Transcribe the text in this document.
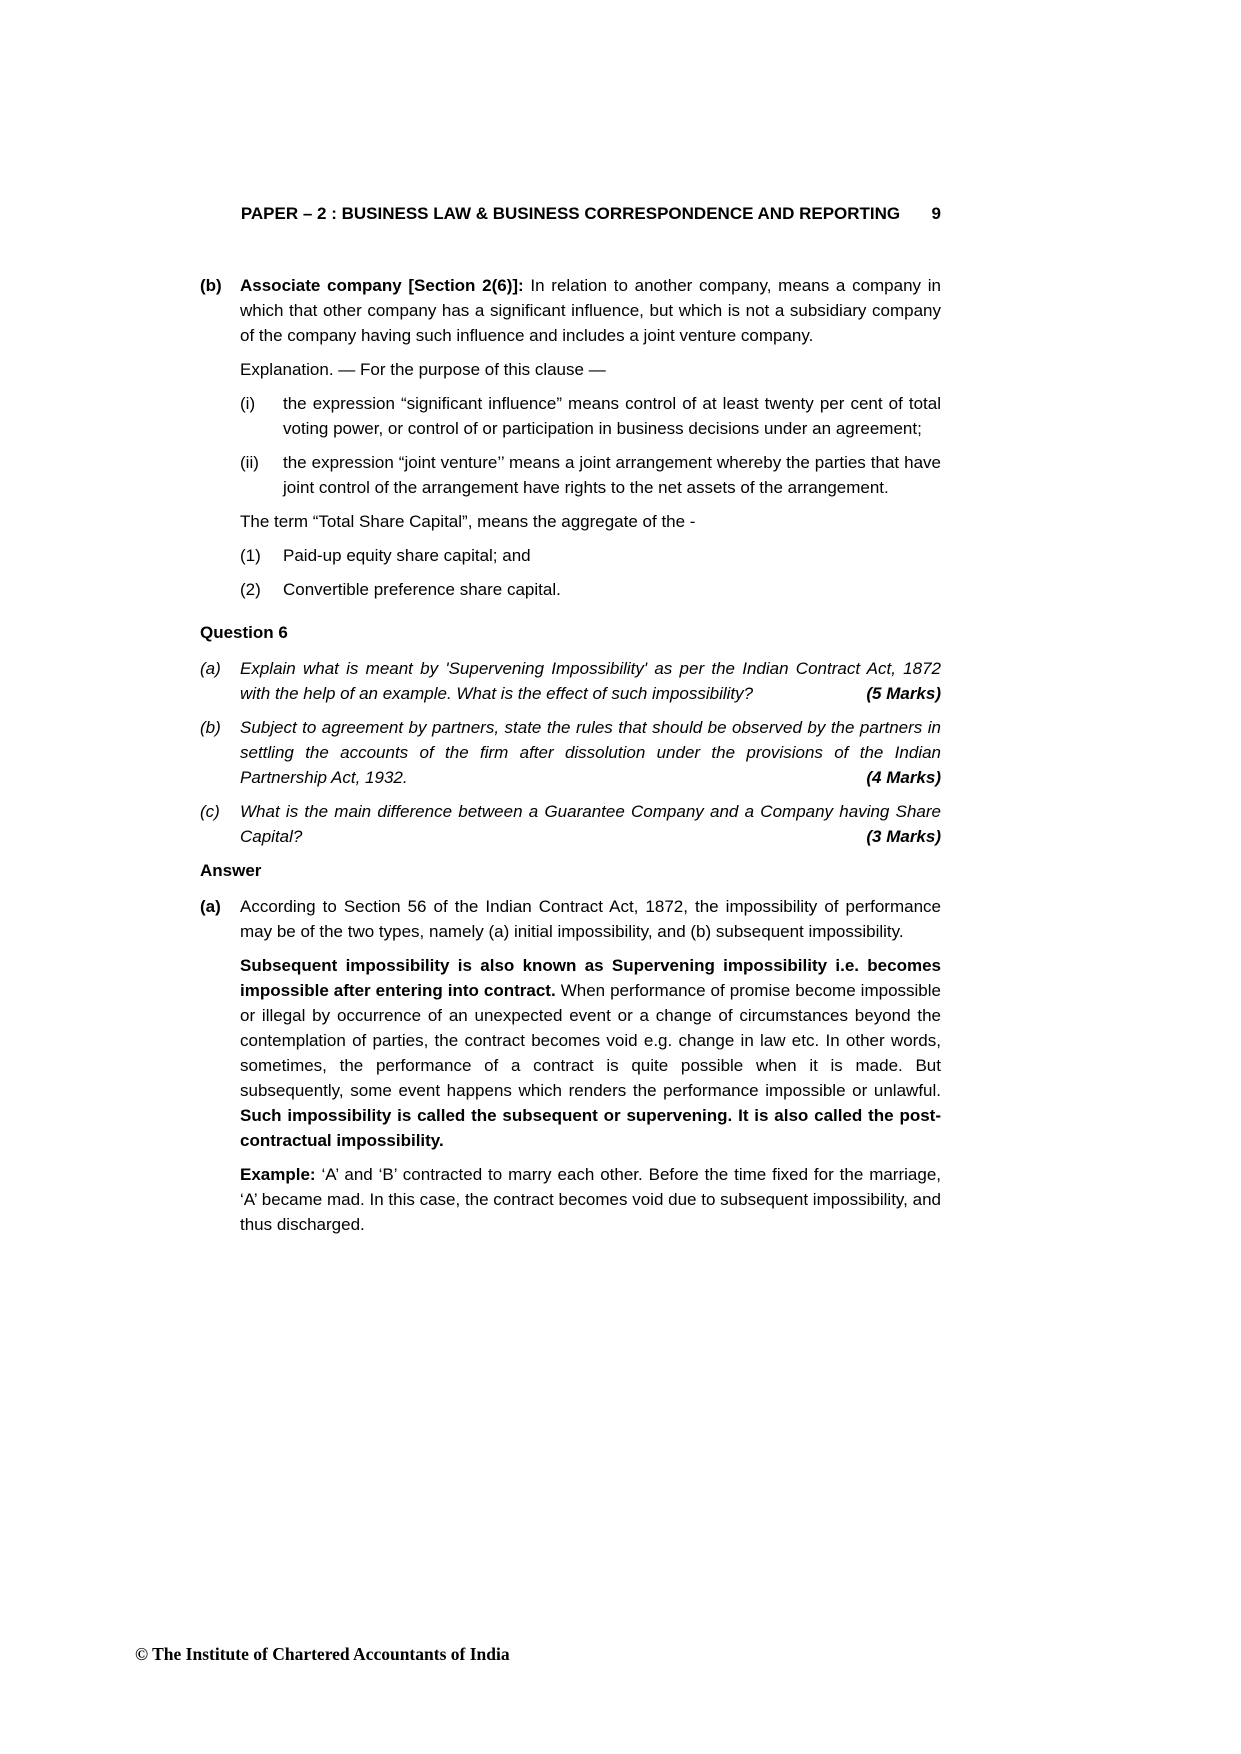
PAPER – 2 : BUSINESS LAW & BUSINESS CORRESPONDENCE AND REPORTING 9
(b)	Associate company [Section 2(6)]: In relation to another company, means a company in which that other company has a significant influence, but which is not a subsidiary company of the company having such influence and includes a joint venture company.
Explanation. — For the purpose of this clause —
(i)	the expression “significant influence” means control of at least twenty per cent of total voting power, or control of or participation in business decisions under an agreement;
(ii)	the expression “joint venture’’ means a joint arrangement whereby the parties that have joint control of the arrangement have rights to the net assets of the arrangement.
The term “Total Share Capital”, means the aggregate of the -
(1)	Paid-up equity share capital; and
(2)	Convertible preference share capital.
Question 6
(a)	Explain what is meant by 'Supervening Impossibility' as per the Indian Contract Act, 1872 with the help of an example. What is the effect of such impossibility?	(5 Marks)
(b)	Subject to agreement by partners, state the rules that should be observed by the partners in settling the accounts of the firm after dissolution under the provisions of the Indian Partnership Act, 1932.	(4 Marks)
(c)	What is the main difference between a Guarantee Company and a Company having Share Capital?	(3 Marks)
Answer
(a)	According to Section 56 of the Indian Contract Act, 1872, the impossibility of performance may be of the two types, namely (a) initial impossibility, and (b) subsequent impossibility.
Subsequent impossibility is also known as Supervening impossibility i.e. becomes impossible after entering into contract. When performance of promise become impossible or illegal by occurrence of an unexpected event or a change of circumstances beyond the contemplation of parties, the contract becomes void e.g. change in law etc. In other words, sometimes, the performance of a contract is quite possible when it is made. But subsequently, some event happens which renders the performance impossible or unlawful. Such impossibility is called the subsequent or supervening. It is also called the post-contractual impossibility.
Example: ‘A’ and ‘B’ contracted to marry each other. Before the time fixed for the marriage, ‘A’ became mad. In this case, the contract becomes void due to subsequent impossibility, and thus discharged.
© The Institute of Chartered Accountants of India
